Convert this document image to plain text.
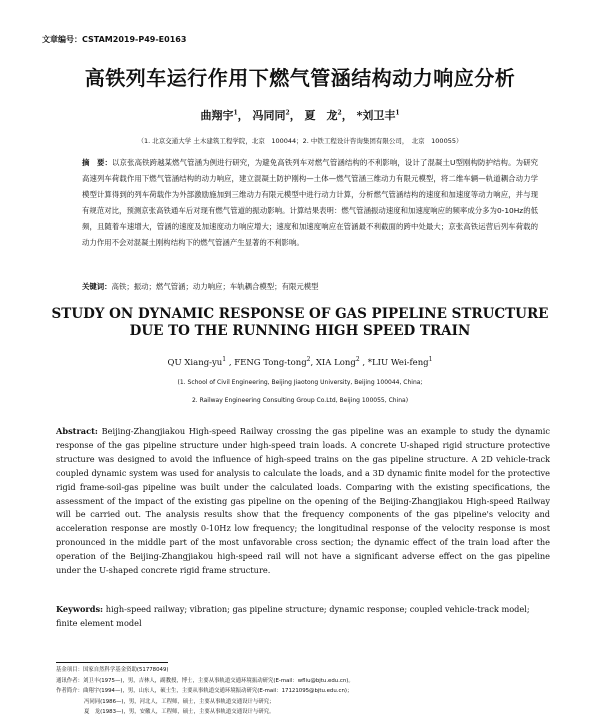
文章编号：CSTAM2019-P49-E0163
高铁列车运行作用下燃气管涵结构动力响应分析
曲翔宇$^1$， 冯同同$^2$， 夏　龙$^2$， *刘卫丰$^1$
（1. 北京交通大学 土木建筑工程学院，北京　100044；2. 中铁工程设计咨询集团有限公司，　北京　100055）
摘　要：以京张高铁跨越某燃气管涵为例进行研究，为避免高铁列车对燃气管涵结构的不利影响，设计了混凝土U型刚构防护结构。为研究高速列车荷载作用下燃气管涵结构的动力响应，建立混凝土防护刚构—土体—燃气管涵三维动力有限元模型，将二维车辆—轨道耦合动力学模型计算得到的列车荷载作为外部激励施加到三维动力有限元模型中进行动力计算，分析燃气管涵结构的速度和加速度等动力响应，并与现有规范对比，预测京张高铁通车后对现有燃气管道的振动影响。计算结果表明：燃气管涵振动速度和加速度响应的频率成分多为0-10Hz的低频，且随着车速增大，管涵的速度及加速度动力响应增大；速度和加速度响应在管涵最不利截面的跨中处最大；京张高铁运营后列车荷载的动力作用不会对混凝土刚构结构下的燃气管涵产生显著的不利影响。
关键词：高铁；振动；燃气管涵；动力响应；车轨耦合模型；有限元模型
STUDY ON DYNAMIC RESPONSE OF GAS PIPELINE STRUCTURE DUE TO THE RUNNING HIGH SPEED TRAIN
QU Xiang-$yu^1$ , FENG Tong-tong$^2$, XIA Long$^2$ , *LIU Wei-feng$^1$
(1. School of Civil Engineering, Beijing Jiaotong University, Beijing 100044, China;
2. Railway Engineering Consulting Group Co.Ltd, Beijing 100055, China)
Abstract: Beijing-Zhangjiakou High-speed Railway crossing the gas pipeline was an example to study the dynamic response of the gas pipeline structure under high-speed train loads. A concrete U-shaped rigid structure protective structure was designed to avoid the influence of high-speed trains on the gas pipeline structure. A 2D vehicle-track coupled dynamic system was used for analysis to calculate the loads, and a 3D dynamic finite model for the protective rigid frame-soil-gas pipeline was built under the calculated loads. Comparing with the existing specifications, the assessment of the impact of the existing gas pipeline on the opening of the Beijing-Zhangjiakou High-speed Railway will be carried out. The analysis results show that the frequency components of the gas pipeline's velocity and acceleration response are mostly 0-10Hz low frequency; the longitudinal response of the velocity response is most pronounced in the middle part of the most unfavorable cross section; the dynamic effect of the train load after the operation of the Beijing-Zhangjiakou high-speed rail will not have a significant adverse effect on the gas pipeline under the U-shaped concrete rigid frame structure.
Keywords: high-speed railway; vibration; gas pipeline structure; dynamic response; coupled vehicle-track model; finite element model
基金项目：国家自然科学基金资助(51778049)
通讯作者：刘卫丰(1975—)，男，吉林人，副教授，博士，主要从事轨道交通环境振动研究(E-mail：wfliu@bjtu.edu.cn)。
作者简介：曲翔宇(1994—)，男，山东人，硕士生，主要从事轨道交通环境振动研究(E-mail：17121095@bjtu.edu.cn)；
冯同同(1986—)，男，河北人，工程师，硕士，主要从事轨道交通设计与研究；
夏　龙(1983—)，男，安徽人，工程师，硕士，主要从事轨道交通设计与研究。
